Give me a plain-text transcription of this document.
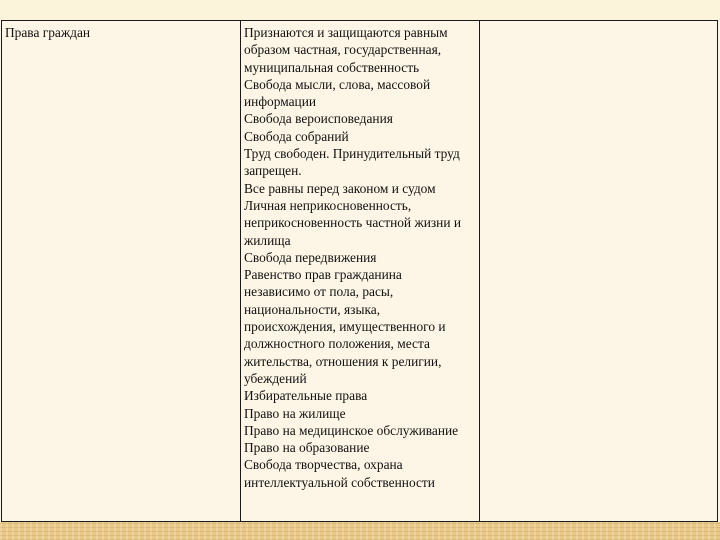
Права граждан	Признаются и защищаются равным
образом частная, государственная,
муниципальная собственность
Свобода мысли, слова, массовой
информации
Свобода вероисповедания
Свобода собраний
Труд свободен. Принудительный труд
запрещен.
Все равны перед законом и судом
Личная неприкосновенность,
неприкосновенность частной жизни и
жилища
Свобода передвижения
Равенство прав гражданина
независимо от пола, расы,
национальности, языка,
происхождения, имущественного и
должностного положения, места
жительства, отношения к религии,
убеждений
Избирательные права
Право на жилище
Право на медицинское обслуживание
Право на образование
Свобода творчества, охрана
интеллектуальной собственности
